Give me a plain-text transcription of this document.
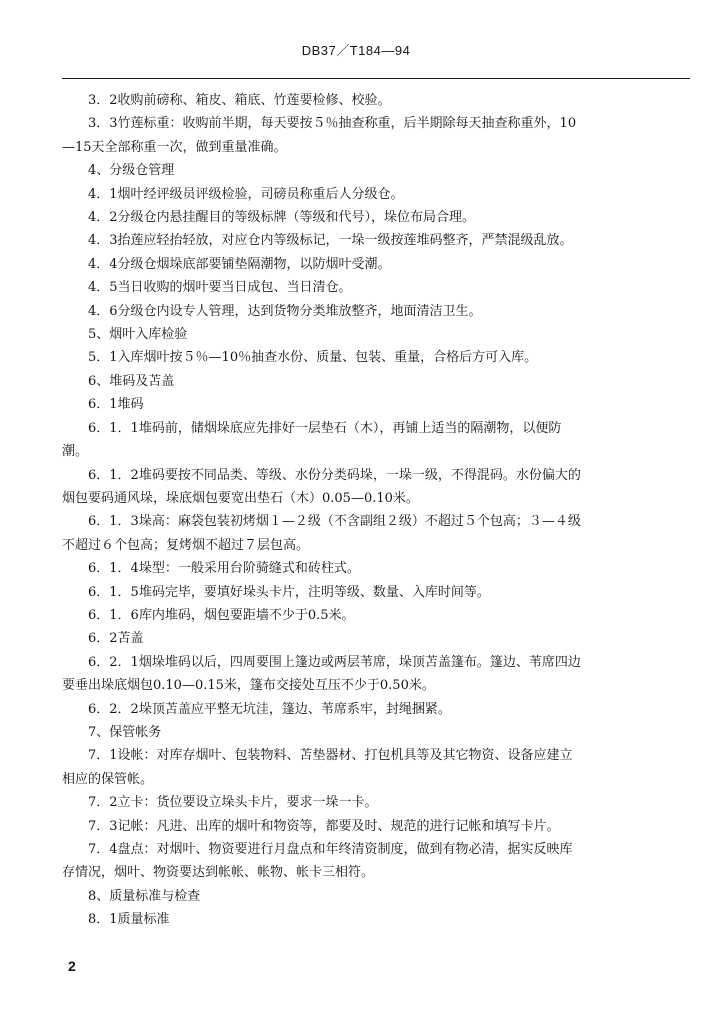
DB37／T184—94

3．2收购前磅称、箱皮、箱底、竹莲要检修、校验。

3．3竹莲标重：收购前半期，每天要按５％抽查称重，后半期除每天抽查称重外，10

—15天全部称重一次，做到重量准确。

4、分级仓管理

4．1烟叶经评级员评级检验，司磅员称重后人分级仓。

4．2分级仓内悬挂醒目的等级标牌（等级和代号），垛位布局合理。

4．3抬莲应轻抬轻放，对应仓内等级标记，一垛一级按莲堆码整齐，严禁混级乱放。

4．4分级仓烟垛底部要铺垫隔潮物，以防烟叶受潮。

4．5当日收购的烟叶要当日成包、当日清仓。

4．6分级仓内设专人管理，达到货物分类堆放整齐，地面清洁卫生。

5、烟叶入库检验

5．1入库烟叶按５％—10％抽查水份、质量、包装、重量，合格后方可入库。

6、堆码及苫盖

6．1堆码

6．1．1堆码前，储烟垛底应先排好一层垫石（木），再铺上适当的隔潮物，以便防

潮。

6．1．2堆码要按不同品类、等级、水份分类码垛，一垛一级，不得混码。水份偏大的

烟包要码通风垛，垛底烟包要宽出垫石（木）0.05—0.10米。

6．1．3垛高：麻袋包装初烤烟１—２级（不含副组２级）不超过５个包高；３—４级

不超过６个包高；复烤烟不超过７层包高。

6．1．4垛型：一般采用台阶骑缝式和砖柱式。

6．1．5堆码完毕，要填好垛头卡片，注明等级、数量、入库时间等。

6．1．6库内堆码，烟包要距墙不少于0.5米。

6．2苫盖

6．2．1烟垛堆码以后，四周要围上篷边或两层苇席，垛顶苫盖篷布。篷边、苇席四边

要垂出垛底烟包0.10—0.15米，篷布交接处互压不少于0.50米。

6．2．2垛顶苫盖应平整无坑洼，篷边、苇席系牢，封绳捆紧。

7、保管帐务

7．1设帐：对库存烟叶、包装物料、苫垫器材、打包机具等及其它物资、设备应建立

相应的保管帐。

7．2立卡：货位要设立垛头卡片，要求一垛一卡。

7．3记帐：凡进、出库的烟叶和物资等，都要及时、规范的进行记帐和填写卡片。

7．4盘点：对烟叶、物资要进行月盘点和年终清资制度，做到有物必清，据实反映库

存情况，烟叶、物资要达到帐帐、帐物、帐卡三相符。

8、质量标准与检查

8．1质量标准

2
